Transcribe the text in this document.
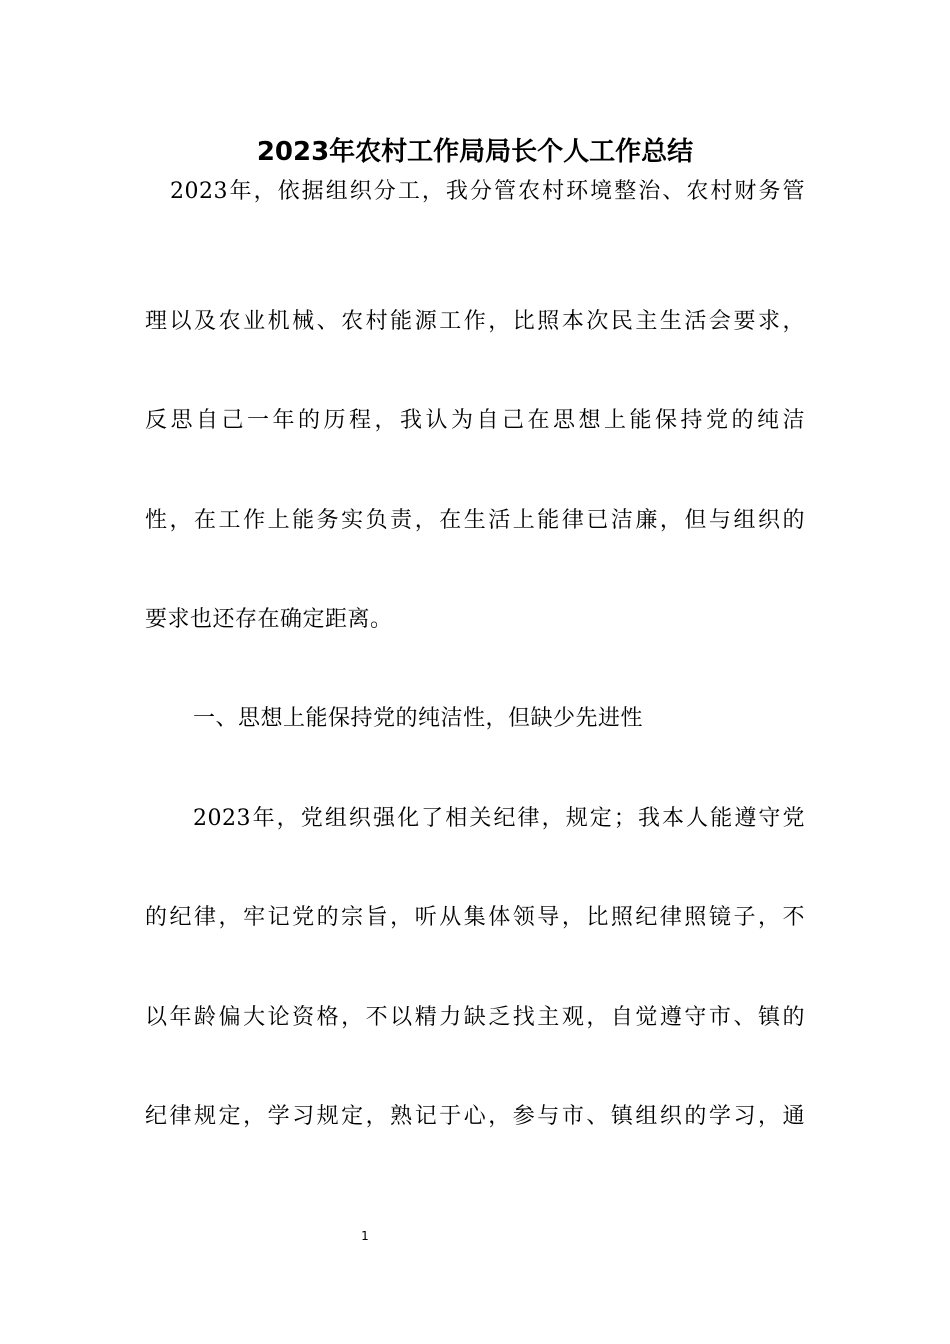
2023年农村工作局局长个人工作总结
2023年，依据组织分工，我分管农村环境整治、农村财务管
理以及农业机械、农村能源工作，比照本次民主生活会要求，
反思自己一年的历程，我认为自己在思想上能保持党的纯洁
性，在工作上能务实负责，在生活上能律已洁廉，但与组织的
要求也还存在确定距离。
一、思想上能保持党的纯洁性，但缺少先进性
2023年，党组织强化了相关纪律，规定；我本人能遵守党
的纪律，牢记党的宗旨，听从集体领导，比照纪律照镜子，不
以年龄偏大论资格，不以精力缺乏找主观，自觉遵守市、镇的
纪律规定，学习规定，熟记于心，参与市、镇组织的学习，通
1
